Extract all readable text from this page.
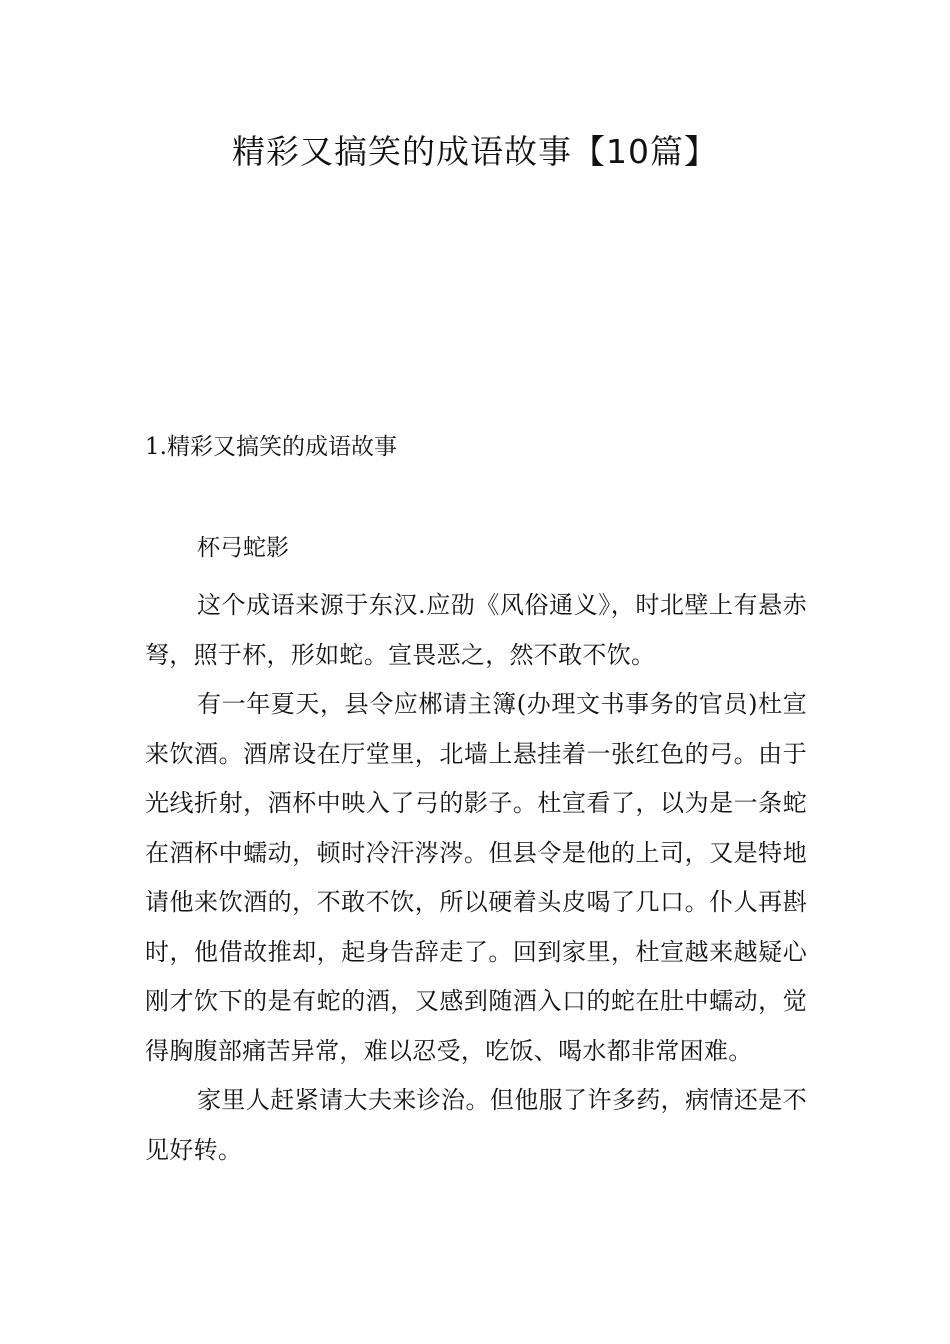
精彩又搞笑的成语故事【10篇】
1.精彩又搞笑的成语故事
杯弓蛇影

这个成语来源于东汉.应劭《风俗通义》，时北壁上有悬赤弩，照于杯，形如蛇。宣畏恶之，然不敢不饮。

有一年夏天，县令应郴请主簿(办理文书事务的官员)杜宣来饮酒。酒席设在厅堂里，北墙上悬挂着一张红色的弓。由于光线折射，酒杯中映入了弓的影子。杜宣看了，以为是一条蛇在酒杯中蠕动，顿时冷汗涔涔。但县令是他的上司，又是特地请他来饮酒的，不敢不饮，所以硬着头皮喝了几口。仆人再斟时，他借故推却，起身告辞走了。回到家里，杜宣越来越疑心刚才饮下的是有蛇的酒，又感到随酒入口的蛇在肚中蠕动，觉得胸腹部痛苦异常，难以忍受，吃饭、喝水都非常困难。

家里人赶紧请大夫来诊治。但他服了许多药，病情还是不见好转。
